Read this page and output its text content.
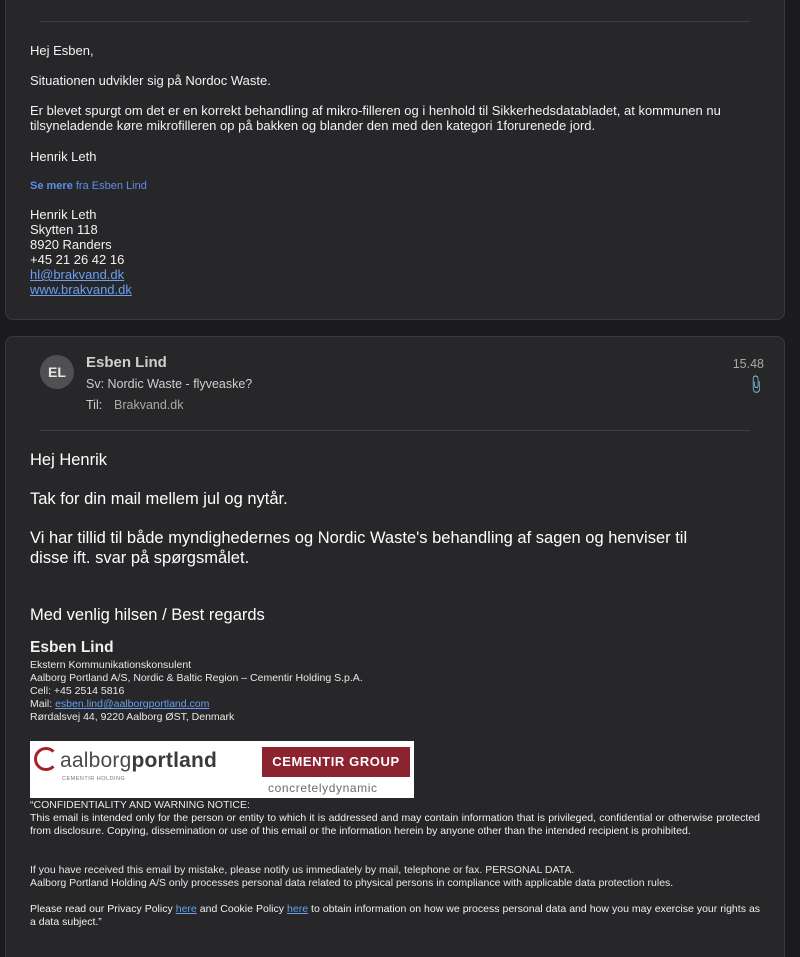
Hej Esben,
Situationen udvikler sig på Nordoc Waste.
Er blevet spurgt om det er en korrekt behandling af mikro-filleren og i henhold til Sikkerhedsdatabladet, at kommunen nu
tilsyneladende køre mikrofilleren op på bakken og blander den med den kategori 1forurenede jord.
Henrik Leth
Se mere fra Esben Lind
Henrik Leth
Skytten 118
8920 Randers
+45 21 26 42 16
hl@brakvand.dk
www.brakvand.dk
EL
Esben Lind
Sv: Nordic Waste - flyveaske?
Til: Brakvand.dk
15.48
📎
Hej Henrik
Tak for din mail mellem jul og nytår.
Vi har tillid til både myndighedernes og Nordic Waste's behandling af sagen og henviser til
disse ift. svar på spørgsmålet.
Med venlig hilsen / Best regards
Esben Lind
Ekstern Kommunikationskonsulent
Aalborg Portland A/S, Nordic & Baltic Region – Cementir Holding S.p.A.
Cell: +45 2514 5816
Mail: esben.lind@aalborgportland.com
Rørdalsvej 44, 9220 Aalborg ØST, Denmark
aalborgportland
CEMENTIR HOLDING
CEMENTIR GROUP
concretelydynamic
“CONFIDENTIALITY AND WARNING NOTICE:
This email is intended only for the person or entity to which it is addressed and may contain information that is privileged, confidential or otherwise protected from disclosure. Copying, dissemination or use of this email or the information herein by anyone other than the intended recipient is prohibited.
If you have received this email by mistake, please notify us immediately by mail, telephone or fax. PERSONAL DATA.
Aalborg Portland Holding A/S only processes personal data related to physical persons in compliance with applicable data protection rules.
Please read our Privacy Policy here and Cookie Policy here to obtain information on how we process personal data and how you may exercise your rights as a data subject.”
